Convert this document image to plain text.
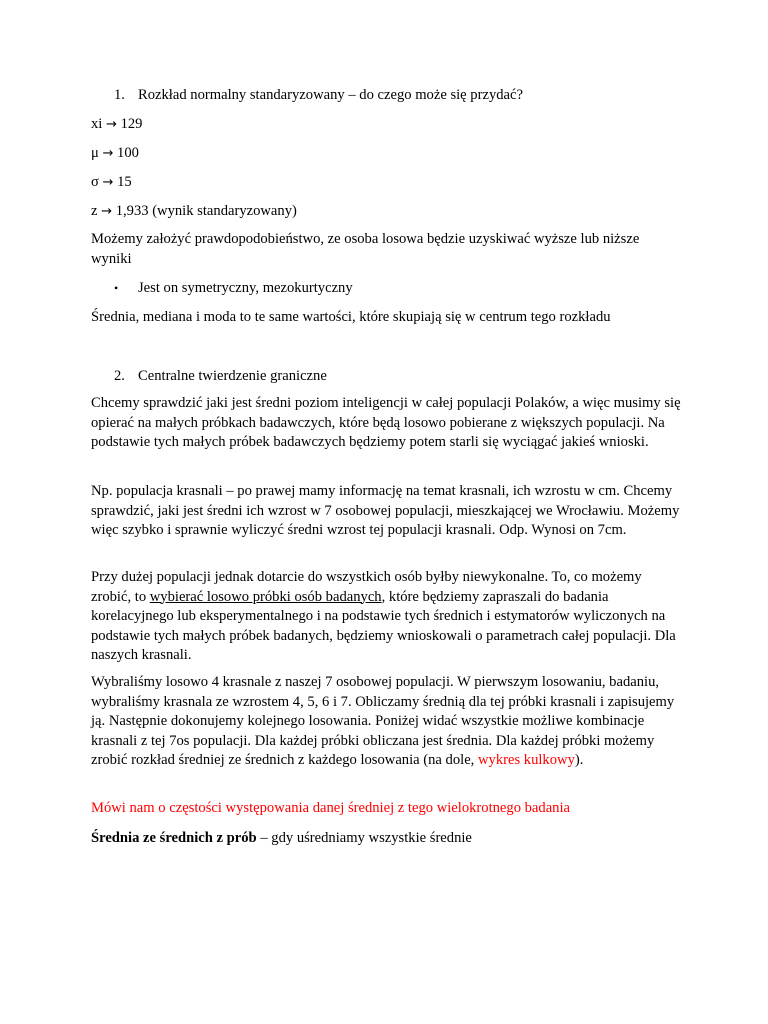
1. Rozkład normalny standaryzowany – do czego może się przydać?
xi → 129
μ → 100
σ → 15
z → 1,933 (wynik standaryzowany)
Możemy założyć prawdopodobieństwo, ze osoba losowa będzie uzyskiwać wyższe lub niższe wyniki
• Jest on symetryczny, mezokurtyczny
Średnia, mediana i moda to te same wartości, które skupiają się w centrum tego rozkładu
2. Centralne twierdzenie graniczne
Chcemy sprawdzić jaki jest średni poziom inteligencji w całej populacji Polaków, a więc musimy się opierać na małych próbkach badawczych, które będą losowo pobierane z większych populacji. Na podstawie tych małych próbek badawczych będziemy potem starli się wyciągać jakieś wnioski.
Np. populacja krasnali – po prawej mamy informację na temat krasnali, ich wzrostu w cm. Chcemy sprawdzić, jaki jest średni ich wzrost w 7 osobowej populacji, mieszkającej we Wrocławiu. Możemy więc szybko i sprawnie wyliczyć średni wzrost tej populacji krasnali. Odp. Wynosi on 7cm.
Przy dużej populacji jednak dotarcie do wszystkich osób byłby niewykonalne. To, co możemy zrobić, to wybierać losowo próbki osób badanych, które będziemy zapraszali do badania korelacyjnego lub eksperymentalnego i na podstawie tych średnich i estymatorów wyliczonych na podstawie tych małych próbek badanych, będziemy wnioskowali o parametrach całej populacji. Dla naszych krasnali.
Wybraliśmy losowo 4 krasnale z naszej 7 osobowej populacji. W pierwszym losowaniu, badaniu, wybraliśmy krasnala ze wzrostem 4, 5, 6 i 7. Obliczamy średnią dla tej próbki krasnali i zapisujemy ją. Następnie dokonujemy kolejnego losowania. Poniżej widać wszystkie możliwe kombinacje krasnali z tej 7os populacji. Dla każdej próbki obliczana jest średnia. Dla każdej próbki możemy zrobić rozkład średniej ze średnich z każdego losowania (na dole, wykres kulkowy).
Mówi nam o częstości występowania danej średniej z tego wielokrotnego badania
Średnia ze średnich z prób – gdy uśredniamy wszystkie średnie
